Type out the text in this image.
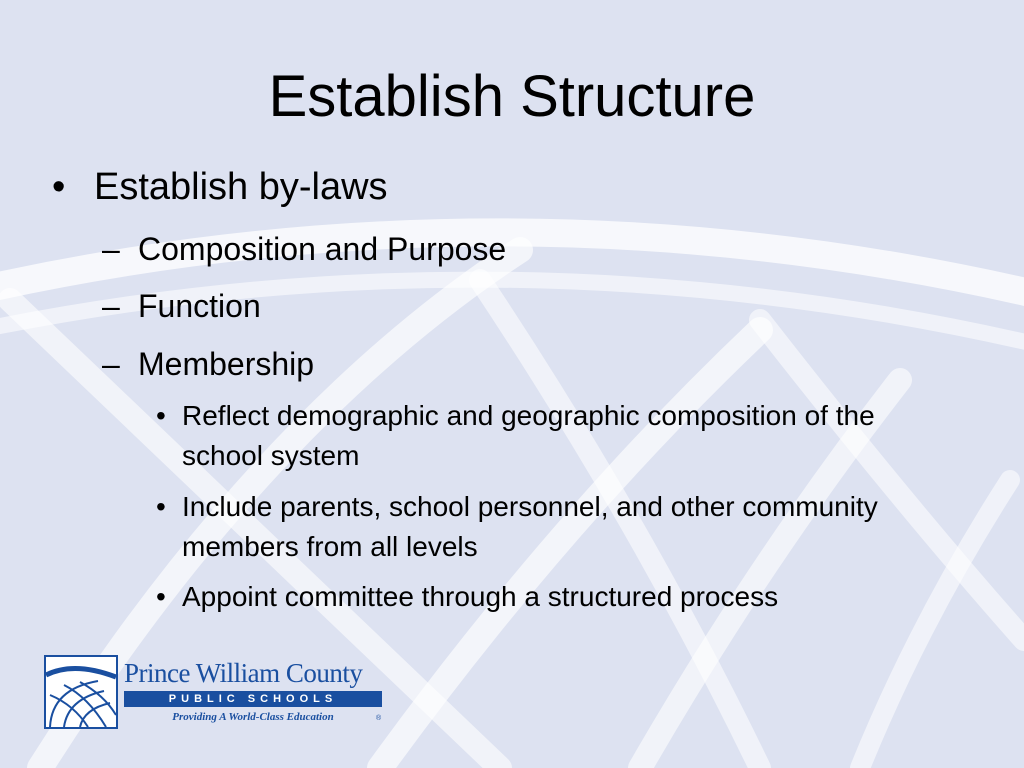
Establish Structure
• Establish by-laws
– Composition and Purpose
– Function
– Membership
• Reflect demographic and geographic composition of the school system
• Include parents, school personnel, and other community members from all levels
• Appoint committee through a structured process
Prince William County
PUBLIC SCHOOLS
Providing A World-Class Education	®
